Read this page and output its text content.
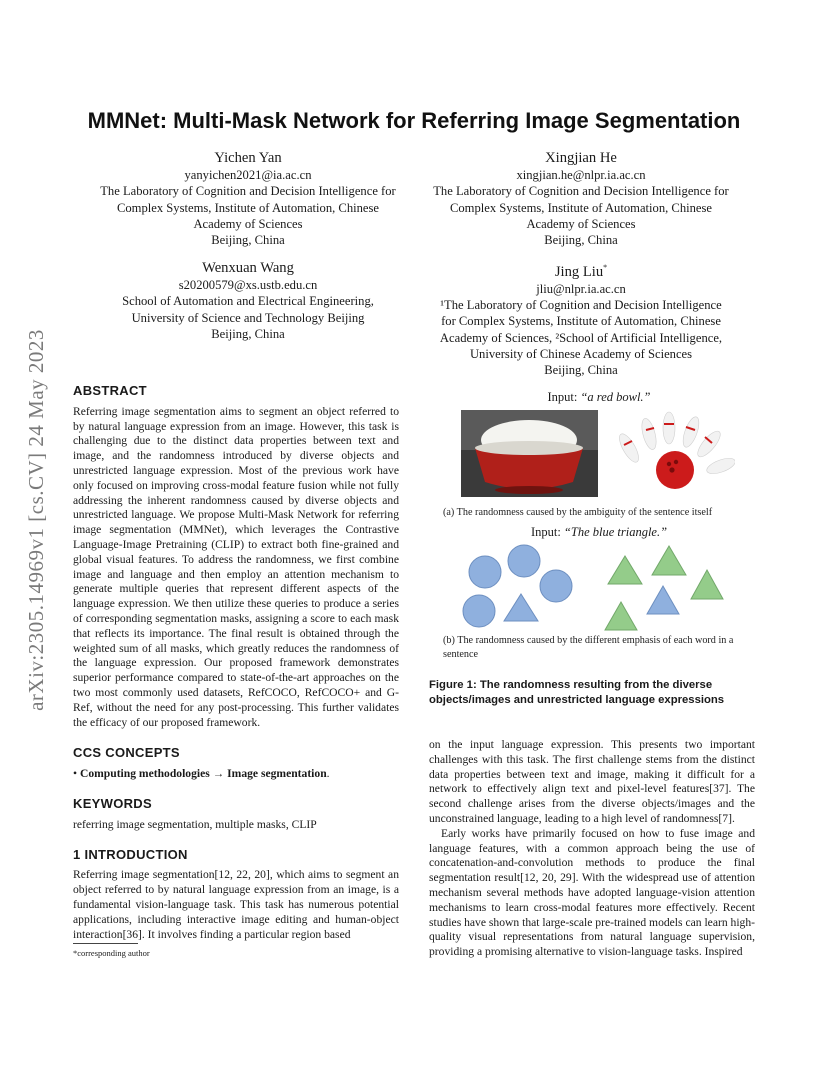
arXiv:2305.14969v1 [cs.CV] 24 May 2023
MMNet: Multi-Mask Network for Referring Image Segmentation
Yichen Yan
yanyichen2021@ia.ac.cn
The Laboratory of Cognition and Decision Intelligence for
Complex Systems, Institute of Automation, Chinese
Academy of Sciences
Beijing, China
Xingjian He
xingjian.he@nlpr.ia.ac.cn
The Laboratory of Cognition and Decision Intelligence for
Complex Systems, Institute of Automation, Chinese
Academy of Sciences
Beijing, China
Wenxuan Wang
s20200579@xs.ustb.edu.cn
School of Automation and Electrical Engineering,
University of Science and Technology Beijing
Beijing, China
Jing Liu*
jliu@nlpr.ia.ac.cn
¹The Laboratory of Cognition and Decision Intelligence
for Complex Systems, Institute of Automation, Chinese
Academy of Sciences, ²School of Artificial Intelligence,
University of Chinese Academy of Sciences
Beijing, China
ABSTRACT

Referring image segmentation aims to segment an object referred to by natural language expression from an image. However, this task is challenging due to the distinct data properties between text and image, and the randomness introduced by diverse objects and unrestricted language expression. Most of the previous work have only focused on improving cross-modal feature fusion while not fully addressing the inherent randomness caused by diverse objects and unrestricted language. We propose Multi-Mask Network for referring image segmentation (MMNet), which leverages the Contrastive Language-Image Pretraining (CLIP) to extract both fine-grained and global visual features. To address the randomness, we first combine image and language and then employ an attention mechanism to generate multiple queries that represent different aspects of the language expression. We then utilize these queries to produce a series of corresponding segmentation masks, assigning a score to each mask that reflects its importance. The final result is obtained through the weighted sum of all masks, which greatly reduces the randomness of the language expression. Our proposed framework demonstrates superior performance compared to state-of-the-art approaches on the two most commonly used datasets, RefCOCO, RefCOCO+ and G-Ref, without the need for any post-processing. This further validates the efficacy of our proposed framework.

CCS CONCEPTS

• Computing methodologies → Image segmentation.

KEYWORDS

referring image segmentation, multiple masks, CLIP

1 INTRODUCTION

Referring image segmentation[12, 22, 20], which aims to segment an object referred to by natural language expression from an image, is a fundamental vision-language task. This task has numerous potential applications, including interactive image editing and human-object interaction[36]. It involves finding a particular region based

*corresponding author
Input: “a red bowl.”
(a) The randomness caused by the ambiguity of the sentence itself
Input: “The blue triangle.”
(b) The randomness caused by the different emphasis of each word in a sentence
Figure 1: The randomness resulting from the diverse objects/images and unrestricted language expressions

on the input language expression. This presents two important challenges with this task. The first challenge stems from the distinct data properties between text and image, making it difficult for a network to effectively align text and pixel-level features[37]. The second challenge arises from the diverse objects/images and the unconstrained language, leading to a high level of randomness[7].

Early works have primarily focused on how to fuse image and language features, with a common approach being the use of concatenation-and-convolution methods to produce the final segmentation result[12, 20, 29]. With the widespread use of attention mechanism several methods have adopted language-vision attention mechanisms to learn cross-modal features more effectively. Recent studies have shown that large-scale pre-trained models can learn high-quality visual representations from natural language supervision, providing a promising alternative to vision-language tasks. Inspired
